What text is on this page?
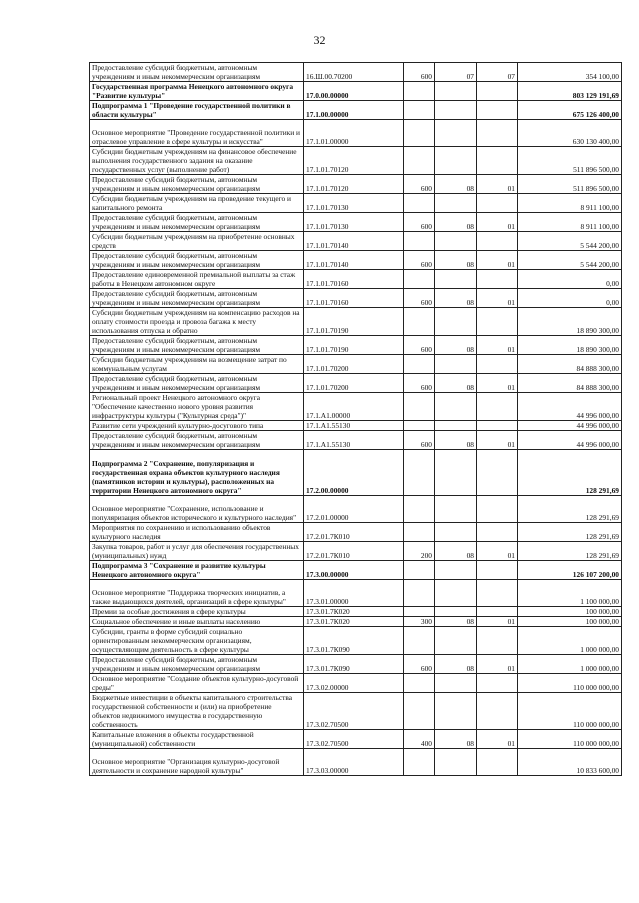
32
Предоставление субсидий бюджетным, автономным учреждениям и иным некоммерческим организациям	16.Ш.00.70200	600	07	07	354 100,00
Государственная программа Ненецкого автономного округа "Развитие культуры"	17.0.00.00000				803 129 191,69
Подпрограмма 1 "Проведение государственной политики в области культуры"	17.1.00.00000				675 126 400,00
Основное мероприятие "Проведение государственной политики и отраслевое управление в сфере культуры и искусства"	17.1.01.00000				630 130 400,00
Субсидии бюджетным учреждениям на финансовое обеспечение выполнения государственного задания на оказание государственных услуг (выполнение работ)	17.1.01.70120				511 896 500,00
Предоставление субсидий бюджетным, автономным учреждениям и иным некоммерческим организациям	17.1.01.70120	600	08	01	511 896 500,00
Субсидии бюджетным учреждениям на проведение текущего и капитального ремонта	17.1.01.70130				8 911 100,00
Предоставление субсидий бюджетным, автономным учреждениям и иным некоммерческим организациям	17.1.01.70130	600	08	01	8 911 100,00
Субсидии бюджетным учреждениям на приобретение основных средств	17.1.01.70140				5 544 200,00
Предоставление субсидий бюджетным, автономным учреждениям и иным некоммерческим организациям	17.1.01.70140	600	08	01	5 544 200,00
Предоставление единовременной премиальной выплаты за стаж работы в Ненецком автономном округе	17.1.01.70160				0,00
Предоставление субсидий бюджетным, автономным учреждениям и иным некоммерческим организациям	17.1.01.70160	600	08	01	0,00
Субсидии бюджетным учреждениям на компенсацию расходов на оплату стоимости проезда и провоза багажа к месту использования отпуска и обратно	17.1.01.70190				18 890 300,00
Предоставление субсидий бюджетным, автономным учреждениям и иным некоммерческим организациям	17.1.01.70190	600	08	01	18 890 300,00
Субсидии бюджетным учреждениям на возмещение затрат по коммунальным услугам	17.1.01.70200				84 888 300,00
Предоставление субсидий бюджетным, автономным учреждениям и иным некоммерческим организациям	17.1.01.70200	600	08	01	84 888 300,00
Региональный проект Ненецкого автономного округа "Обеспечение качественно нового уровня развития инфраструктуры культуры ("Культурная среда")"	17.1.A1.00000				44 996 000,00
Развитие сети учреждений культурно-досугового типа	17.1.A1.55130				44 996 000,00
Предоставление субсидий бюджетным, автономным учреждениям и иным некоммерческим организациям	17.1.A1.55130	600	08	01	44 996 000,00
Подпрограмма 2 "Сохранение, популяризация и государственная охрана объектов культурного наследия (памятников истории и культуры), расположенных на территории Ненецкого автономного округа"	17.2.00.00000				128 291,69
Основное мероприятие "Сохранение, использование и популяризация объектов исторического и культурного наследия"	17.2.01.00000				128 291,69
Мероприятия по сохранению и использованию объектов культурного наследия	17.2.01.7К010				128 291,69
Закупка товаров, работ и услуг для обеспечения государственных (муниципальных) нужд	17.2.01.7К010	200	08	01	128 291,69
Подпрограмма 3 "Сохранение и развитие культуры Ненецкого автономного округа"	17.3.00.00000				126 107 200,00
Основное мероприятие "Поддержка творческих инициатив, а также выдающихся деятелей, организаций в сфере культуры"	17.3.01.00000				1 100 000,00
Премии за особые достижения в сфере культуры	17.3.01.7К020				100 000,00
Социальное обеспечение и иные выплаты населению	17.3.01.7К020	300	08	01	100 000,00
Субсидии, гранты в форме субсидий социально ориентированным некоммерческим организациям, осуществляющим деятельность в сфере культуры	17.3.01.7К090				1 000 000,00
Предоставление субсидий бюджетным, автономным учреждениям и иным некоммерческим организациям	17.3.01.7К090	600	08	01	1 000 000,00
Основное мероприятие "Создание объектов культурно-досуговой среды"	17.3.02.00000				110 000 000,00
Бюджетные инвестиции в объекты капитального строительства государственной собственности и (или) на приобретение объектов недвижимого имущества в государственную собственность	17.3.02.70500				110 000 000,00
Капитальные вложения в объекты государственной (муниципальной) собственности	17.3.02.70500	400	08	01	110 000 000,00
Основное мероприятие "Организация культурно-досуговой деятельности и сохранение народной культуры"	17.3.03.00000				10 833 600,00
